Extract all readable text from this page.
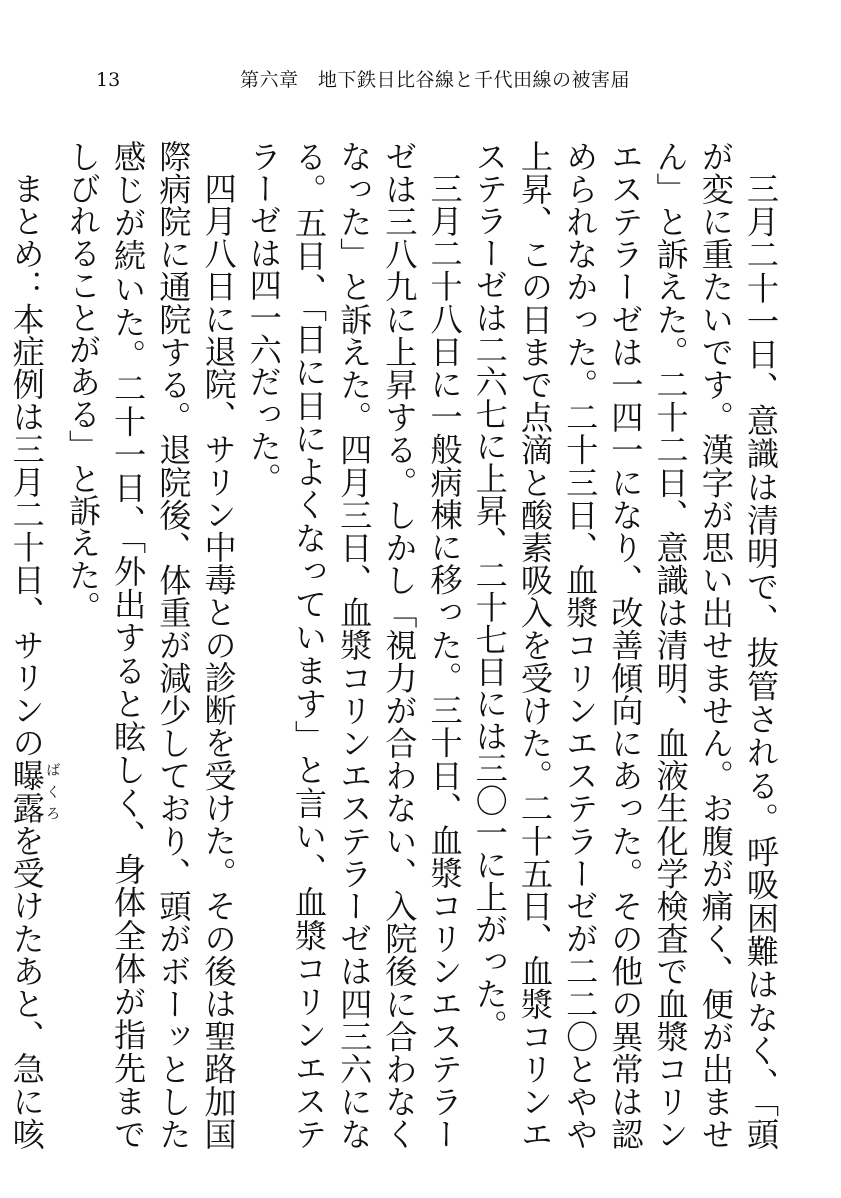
13	第六章　地下鉄日比谷線と千代田線の被害届

三月二十一日、意識は清明で、抜管される。呼吸困難はなく、「頭が変に重たいです。漢字が思い出せません。お腹が痛く、便が出ません」と訴えた。二十二日、意識は清明、血液生化学検査で血漿コリンエステラーゼは一四一になり、改善傾向にあった。その他の異常は認められなかった。二十三日、血漿コリンエステラーゼが二二〇とやや上昇、この日まで点滴と酸素吸入を受けた。二十五日、血漿コリンエステラーゼは二六七に上昇、二十七日には三〇一に上がった。

三月二十八日に一般病棟に移った。三十日、血漿コリンエステラーゼは三八九に上昇する。しかし「視力が合わない、入院後に合わなくなった」と訴えた。四月三日、血漿コリンエステラーゼは四三六になる。五日、「日に日によくなっています」と言い、血漿コリンエステラーゼは四一六だった。

四月八日に退院、サリン中毒との診断を受けた。その後は聖路加国際病院に通院する。退院後、体重が減少しており、頭がボーッとした感じが続いた。二十一日、「外出すると眩しく、身体全体が指先までしびれることがある」と訴えた。

まとめ：本症例は三月二十日、サリンの曝露ばくろを受けたあと、急に咳
